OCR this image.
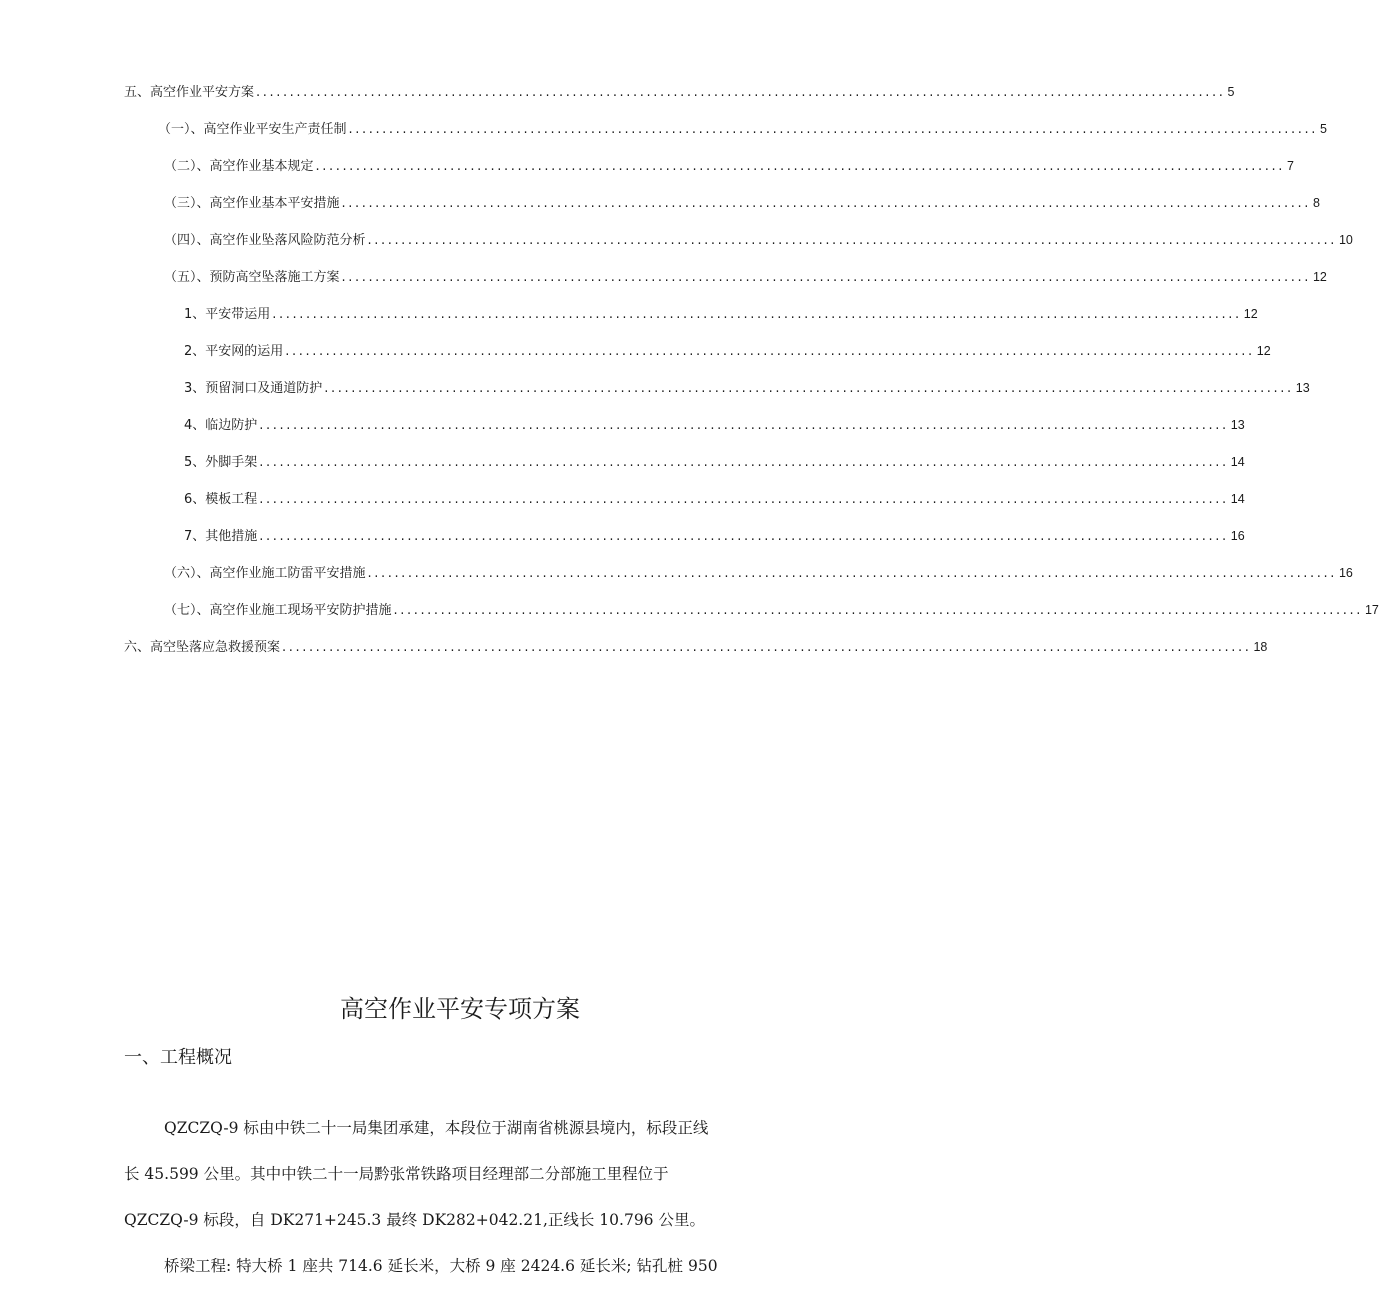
五、高空作业平安方案 ................................................................................................................................................ 5
（一）、高空作业平安生产责任制 ................................................................................................................................................ 5
（二）、高空作业基本规定 ................................................................................................................................................ 7
（三）、高空作业基本平安措施 ................................................................................................................................................ 8
（四）、高空作业坠落风险防范分析 ................................................................................................................................................ 10
（五）、预防高空坠落施工方案 ................................................................................................................................................ 12
1、平安带运用 ................................................................................................................................................ 12
2、平安网的运用 ................................................................................................................................................ 12
3、预留洞口及通道防护 ................................................................................................................................................ 13
4、临边防护 ................................................................................................................................................ 13
5、外脚手架 ................................................................................................................................................ 14
6、模板工程 ................................................................................................................................................ 14
7、其他措施 ................................................................................................................................................ 16
（六）、高空作业施工防雷平安措施 ................................................................................................................................................ 16
（七）、高空作业施工现场平安防护措施 ................................................................................................................................................ 17
六、高空坠落应急救援预案 ................................................................................................................................................ 18
高空作业平安专项方案
一、工程概况

QZCZQ-9 标由中铁二十一局集团承建，本段位于湖南省桃源县境内，标段正线

长 45.599 公里。其中中铁二十一局黔张常铁路项目经理部二分部施工里程位于

QZCZQ-9 标段，自 DK271+245.3 最终 DK282+042.21,正线长 10.796 公里。

桥梁工程: 特大桥 1 座共 714.6 延长米，大桥 9 座 2424.6 延长米; 钻孔桩 950
